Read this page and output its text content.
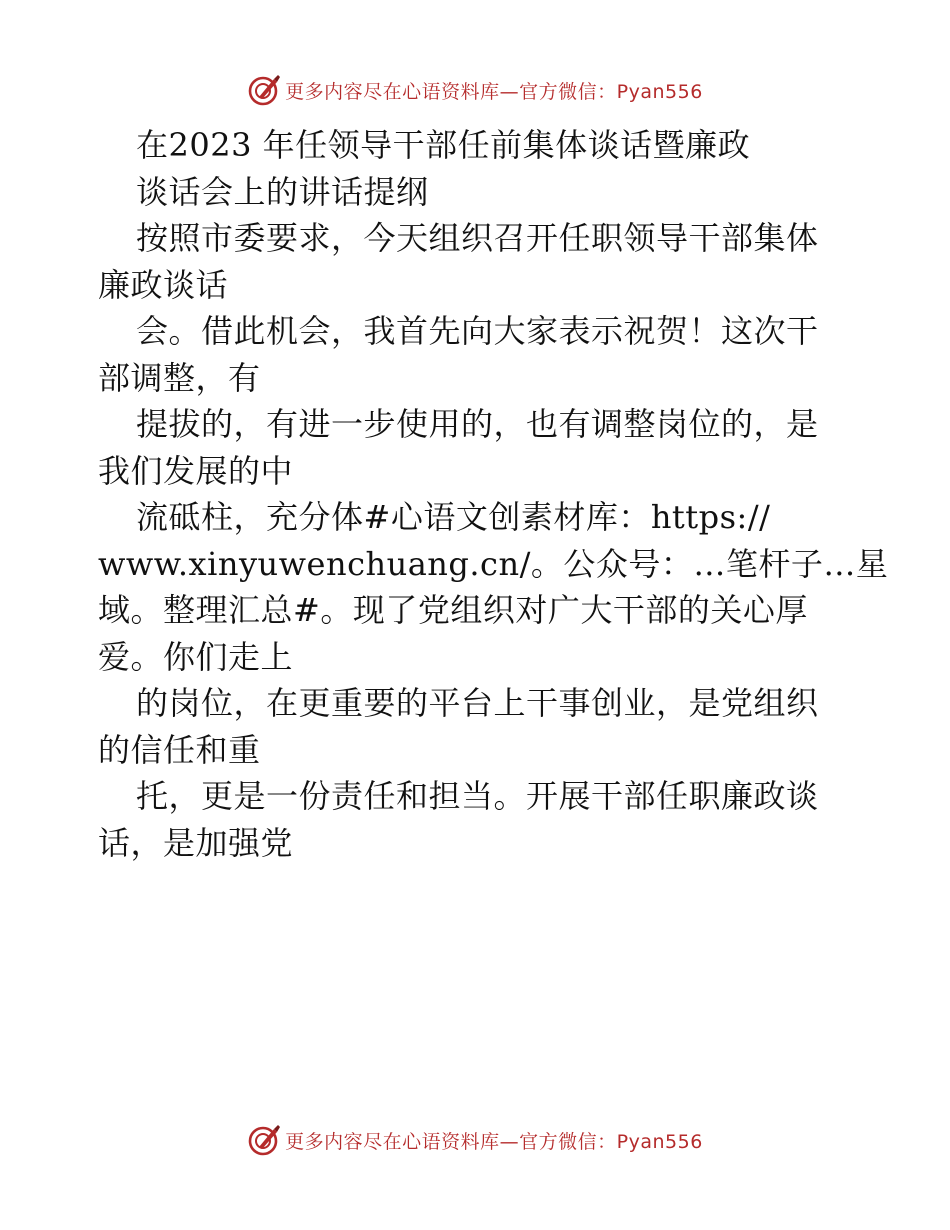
更多内容尽在心语资料库—官方微信：Pyan556
在2023 年任领导干部任前集体谈话暨廉政
谈话会上的讲话提纲
按照市委要求，今天组织召开任职领导干部集体
廉政谈话
会。借此机会，我首先向大家表示祝贺！这次干
部调整，有
提拔的，有进一步使用的，也有调整岗位的，是
我们发展的中
流砥柱，充分体#心语文创素材库：https://
www.xinyuwenchuang.cn/。公众号：…笔杆子…星
域。整理汇总#。现了党组织对广大干部的关心厚
爱。你们走上
的岗位，在更重要的平台上干事创业，是党组织
的信任和重
托，更是一份责任和担当。开展干部任职廉政谈
话，是加强党
更多内容尽在心语资料库—官方微信：Pyan556
